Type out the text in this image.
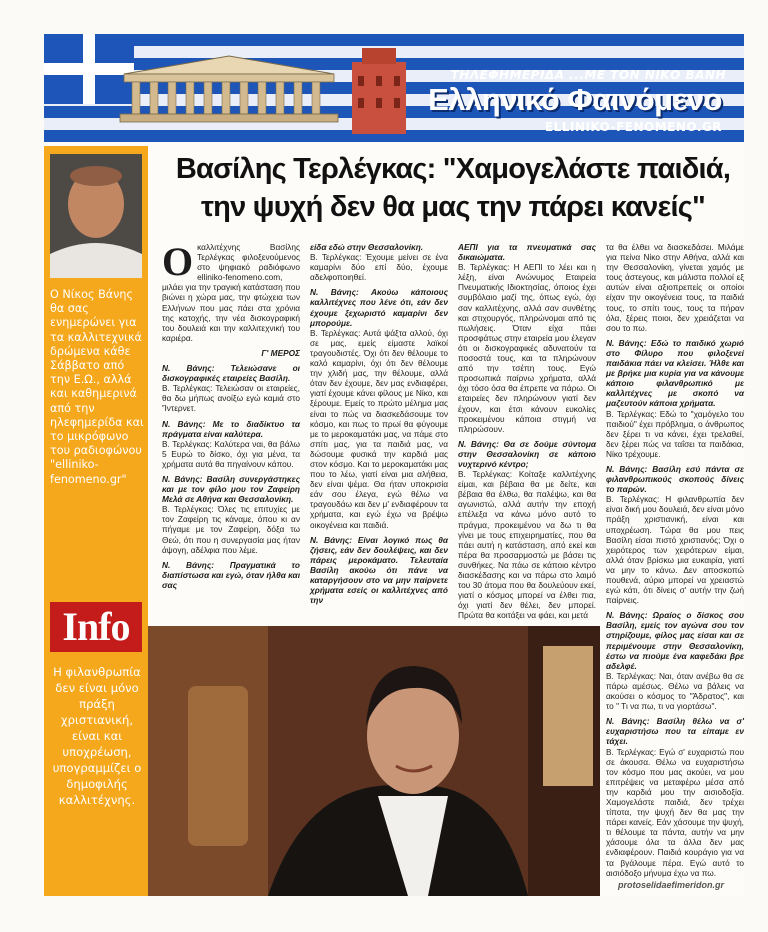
ΤΗΛΕΦΗΜΕΡΙΔΑ ...ΜΕ ΤΟΝ ΝΙΚΟ ΒΑΝΗ
Ελληνικό Φαινόμενο
ELLINIKO-FENOMENO.GR
Βασίλης Τερλέγκας: "Χαμογελάστε παιδιά, την ψυχή δεν θα μας την πάρει κανείς"
Ο Νίκος Βάνης θα σας ενημερώνει για τα καλλιτεχνικά δρώμενα κάθε Σάββατο από την Ε.Ω., αλλά και καθημερινά από την ηλεφημερίδα και το μικρόφωνο του ραδιοφώνου "elliniko-fenomeno.gr"
Info
Η φιλανθρωπία δεν είναι μόνο πράξη χριστιανική, είναι και υποχρέωση, υπογραμμίζει ο δημοφιλής καλλιτέχνης.

O καλλιτέχνης Βασίλης Τερλέγκας φιλοξενούμενος στο ψηφιακό ραδιόφωνο elliniko-fenomeno.com, μιλάει για την τραγική κατάσταση που βιώνει η χώρα μας, την φτώχεια των Ελλήνων που μας πάει στα χρόνια της κατοχής, την νέα δισκογραφική του δουλειά και την καλλιτεχνική του καριέρα.

Γ' ΜΕΡΟΣ

Ν. Βάνης: Τελειώσανε οι δισκογραφικές εταιρείες Βασίλη.
Β. Τερλέγκας: Τελειώσαν οι εταιρείες, θα δω μήπως ανοίξω εγώ καμιά στο 'Ίντερνετ.

Ν. Βάνης: Με το διαδίκτυο τα πράγματα είναι καλύτερα.
Β. Τερλέγκας: Καλύτερα ναι, θα βάλω 5 Ευρώ το δίσκο, όχι για μένα, τα χρήματα αυτά θα πηγαίνουν κάπου.

Ν. Βάνης: Βασίλη συνεργάστηκες και με τον φίλο μου τον Ζαφείρη Μελά σε Αθήνα και Θεσσαλονίκη.
Β. Τερλέγκας: Όλες τις επιτυχίες με τον Ζαφείρη τις κάναμε, όπου κι αν πήγαμε με τον Ζαφείρη, δόξα τω Θεώ, ότι που η συνεργασία μας ήταν άψογη, αδέλφια που λέμε.

Ν. Βάνης: Πραγματικά το διαπίστωσα και εγώ, όταν ήλθα και σας

είδα εδώ στην Θεσσαλονίκη.
Β. Τερλέγκας: Έχουμε μείνει σε ένα καμαρίνι δύο επί δύο, έχουμε αδελφοποιηθεί.

Ν. Βάνης: Ακούω κάποιους καλλιτέχνες που λένε ότι, εάν δεν έχουμε ξεχωριστό καμαρίνι δεν μπορούμε.
Β. Τερλέγκας: Αυτά ψάξτα αλλού, όχι σε μας, εμείς είμαστε λαϊκοί τραγουδιστές. Όχι ότι δεν θέλουμε το καλό καμαρίνι, όχι ότι δεν θέλουμε την χλιδή μας, την θέλουμε, αλλά όταν δεν έχουμε, δεν μας ενδιαφέρει, γιατί έχουμε κάνει φίλους με Νίκο, και ξέρουμε. Εμείς το πρώτο μέλημα μας είναι το πώς να διασκεδάσουμε τον κόσμο, και πως το πρωί θα φύγουμε με το μεροκαματάκι μας, να πάμε στο σπίτι μας, για τα παιδιά μας, να δώσουμε φυσικά την καρδιά μας στον κόσμο. Και το μεροκαματάκι μας που το λέω, γιατί είναι μια αλήθεια, δεν είναι ψέμα. Θα ήταν υποκρισία εάν σου έλεγα, εγώ θέλω να τραγουδάω και δεν μ' ενδιαφέρουν τα χρήματα, και εγώ έχω να βρέψω οικογένεια και παιδιά.

Ν. Βάνης: Είναι λογικό πως θα ζήσεις, εάν δεν δουλέψεις, και δεν πάρεις μεροκάματο. Τελευταία Βασίλη ακούω ότι πάνε να καταργήσουν στο να μην παίρνετε χρήματα εσείς οι καλλιτέχνες από την

ΑΕΠΙ για τα πνευματικά σας δικαιώματα.
Β. Τερλέγκας: Η ΑΕΠΙ το λέει και η λέξη, είναι Ανώνυμος Εταιρεία Πνευματικής Ιδιοκτησίας, όποιος έχει συμβόλαιο μαζί της, όπως εγώ, όχι σαν καλλιτέχνης, αλλά σαν συνθέτης και στιχουργός, πληρώνομαι από τις πωλήσεις. Όταν είχα πάει προσφάτως στην εταιρεία μου έλεγαν ότι οι δισκογραφικές αδυνατούν τα ποσοστά τους, και τα πληρώνουν από την τσέπη τους. Εγώ προσωπικά παίρνω χρήματα, αλλά όχι τόσο όσα θα έπρεπε να πάρω. Οι εταιρείες δεν πληρώνουν γιατί δεν έχουν, και έτσι κάνουν ευκολίες προκειμένου κάποια στιγμή να πληρώσουν.

Ν. Βάνης: Θα σε δούμε σύντομα στην Θεσσαλονίκη σε κάποιο νυχτερινό κέντρο;
Β. Τερλέγκας: Κοίταξε καλλιτέχνης είμαι, και βέβαια θα με δείτε, και βέβαια θα έλθω, θα παλέψω, και θα αγωνιστώ, αλλά αυτήν την εποχή επέλεξα να κάνω μόνο αυτό το πράγμα, προκειμένου να δω τι θα γίνει με τους επιχειρηματίες, που θα πάει αυτή η κατάσταση, από εκεί και πέρα θα προσαρμοστώ με βάσει τις συνθήκες. Να πάω σε κάποιο κέντρο διασκέδασης και να πάρω στο λαιμό του 30 άτομα που θα δουλεύουν εκεί, γιατί ο κόσμος μπορεί να έλθει πια, όχι γιατί δεν θέλει, δεν μπορεί. Πρώτα θα κοιτάξει να φάει, και μετά

τα θα έλθει να διασκεδάσει. Μιλάμε για πείνα Νίκο στην Αθήνα, αλλά και την Θεσσαλονίκη, γίνεται χαμός με τους άστεγους, και μάλιστα πολλοί εξ αυτών είναι αξιοπρεπείς οι οποίοι είχαν την οικογένεια τους, τα παιδιά τους, το σπίτι τους, τους τα πήραν όλα, ξέρεις ποιοι, δεν χρειάζεται να σου το πω.

Ν. Βάνης: Εδώ το παιδικό χωριό στο Φίλυρο που φιλοξενεί παιδάκια πάει να κλείσει. Ήλθε και με βρήκε μια κυρία για να κάνουμε κάποιο φιλανθρωπικό με καλλιτέχνες με σκοπό να μαζευτούν κάποια χρήματα.
Β. Τερλέγκας: Εδώ το "χαμόγελο του παιδιού" έχει πρόβλημα, ο άνθρωπος δεν ξέρει τι να κάνει, έχει τρελαθεί, δεν ξέρει πώς να ταΐσει τα παιδάκια, Νίκο τρέχουμε.

Ν. Βάνης: Βασίλη εσύ πάντα σε φιλανθρωπικούς σκοπούς δίνεις το παρών.
Β. Τερλέγκας: Η φιλανθρωπία δεν είναι δική μου δουλειά, δεν είναι μόνο πράξη χριστιανική, είναι και υποχρέωση. Τώρα θα μου πεις Βασίλη είσαι πιστό χριστιανός; Όχι ο χειρότερος των χειρότερων είμαι, αλλά όταν βρίσκω μια ευκαιρία, γιατί να μην το κάνω. Δεν αποσκοπώ πουθενά, αύριο μπορεί να χρειαστώ εγώ κάτι, ότι δίνεις σ' αυτήν την ζωή παίρνεις.

Ν. Βάνης: Ωραίος ο δίσκος σου Βασίλη, εμείς τον αγώνα σου τον στηρίζουμε, φίλος μας είσαι και σε περιμένουμε στην Θεσσαλονίκη, έστω να πιούμε ένα καφεδάκι βρε αδελφέ.
Β. Τερλέγκας: Ναι, όταν ανέβω θα σε πάρω αμέσως. Θέλω να βάλεις να ακούσει ο κόσμος το "Άδρατος", και το " Τι να πω, τι να γιορτάσω".

Ν. Βάνης: Βασίλη θέλω να σ' ευχαριστήσω που τα είπαμε εν τάχει.
Β. Τερλέγκας: Εγώ σ' ευχαριστώ που σε άκουσα. Θέλω να ευχαριστήσω τον κόσμο που μας ακούει, να μου επιτρέψεις να μεταφέρω μέσα από την καρδιά μου την αισιοδοξία. Χαμογελάστε παιδιά, δεν τρέχει τίποτα, την ψυχή δεν θα μας την πάρει κανείς. Εάν χάσουμε την ψυχή, τι θέλουμε τα πάντα, αυτήν να μην χάσουμε όλα τα άλλα δεν μας ενδιαφέρουν. Παιδιά κουράγιο για να τα βγάλουμε πέρα. Εγώ αυτό το αισιόδοξο μήνυμα έχω να πω.

protoselidaefimeridon.gr
